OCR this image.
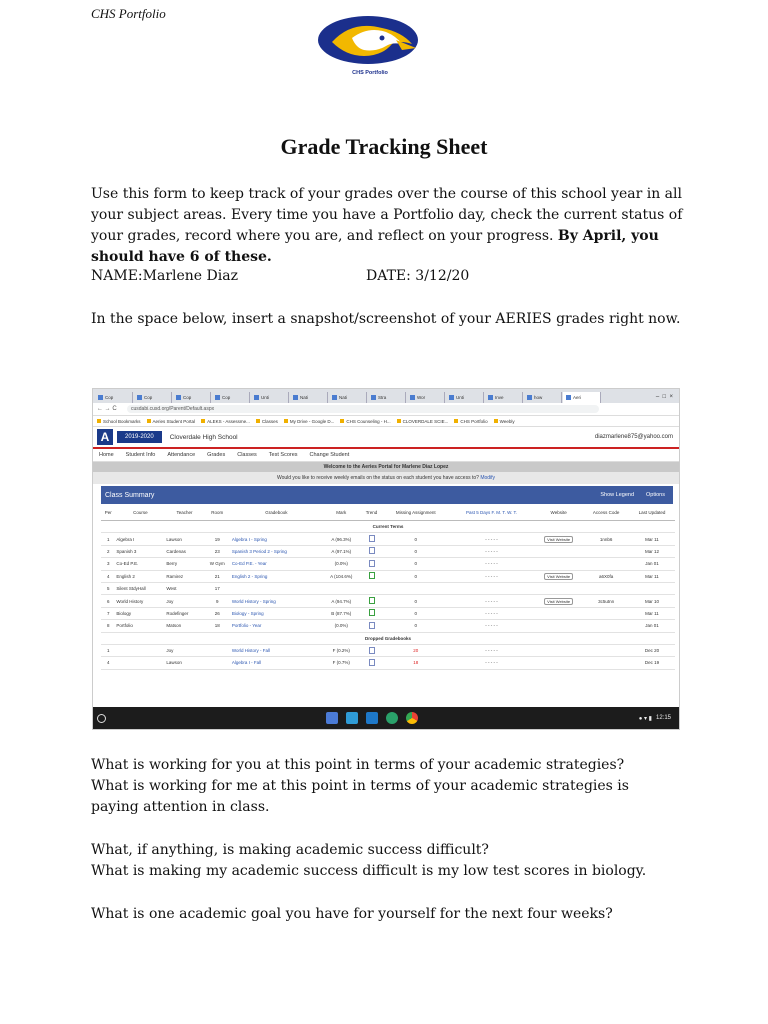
CHS Portfolio
CHS Portfolio
Grade Tracking Sheet
Use this form to keep track of your grades over the course of this school year in all your subject areas. Every time you have a Portfolio day, check the current status of your grades, record where you are, and reflect on your progress. By April, you should have 6 of these.
NAME:Marlene Diaz	DATE: 3/12/20
In the space below, insert a snapshot/screenshot of your AERIES grades right now.
Cop	Cop	Cop	Cop	Unti	Nati	Nati	Stra	Wor	Unti	Inve	how	Aeri	–  □  ×
← → C	cusdabi.cusd.org/Parent/Default.aspx
School Bookmarks	Aeries Student Portal	ALEKS - Assessme...	Classes	My Drive - Google D...	CHS Counseling - H...	CLOVERDALE SCIE...	CHS Portfolio	Weebly
A	2019-2020	Cloverdale High School	diazmarlene875@yahoo.com
Home Student Info Attendance Grades Classes Test Scores Change Student
Welcome to the Aeries Portal for Marlene Diaz Lopez
Would you like to receive weekly emails on the status on each student you have access to? Modify
Class Summary	Show Legend Options
Per	Course	Teacher	Room	Gradebook	Mark	Trend	Missing Assignment	Past 5 Days F. M. T. W. T.	Website	Access Code	Last Updated
Current Terms											
1	Algebra I	Lawson	19	Algebra I - Spring	A (96.3%)		0	- - - - -	Visit Website	1nnb6	Mar 11
2	Spanish 3	Cardenas	23	Spanish 3 Period 2 - Spring	A (97.1%)		0	- - - - -			Mar 12
3	Co-Ed P.E.	Berry	W Gym	Co-Ed P.E. - Year	(0.0%)		0	- - - - -			Jan 01
4	English 2	Ramirez	21	English 2 - Spring	A (104.6%)		0	- - - - -	Visit Website	a6X0fa	Mar 11
5	Silent StdyHall	West	17								
6	World History	Joy	9	World History - Spring	A (94.7%)		0	- - - - -	Visit Website	3c5utnn	Mar 10
7	Biology	Rodefinger	26	Biology - Spring	B (87.7%)		0	- - - - -			Mar 11
8	Portfolio	Matson	18	Portfolio - Year	(0.0%)		0	- - - - -			Jan 01
Dropped Gradebooks											
1		Joy		World History - Fall	F (0.2%)		20	- - - - -			Dec 20
4		Lawson		Algebra I - Fall	F (0.7%)		18	- - - - -			Dec 19
● ▾ ▮ 12:15
What is working for you at this point in terms of your academic strategies?
What is working for me at this point in terms of your academic strategies is paying attention in class.
What, if anything, is making academic success difficult?
What is making my academic success difficult is my low test scores in biology.
What is one academic goal you have for yourself for the next four weeks?
